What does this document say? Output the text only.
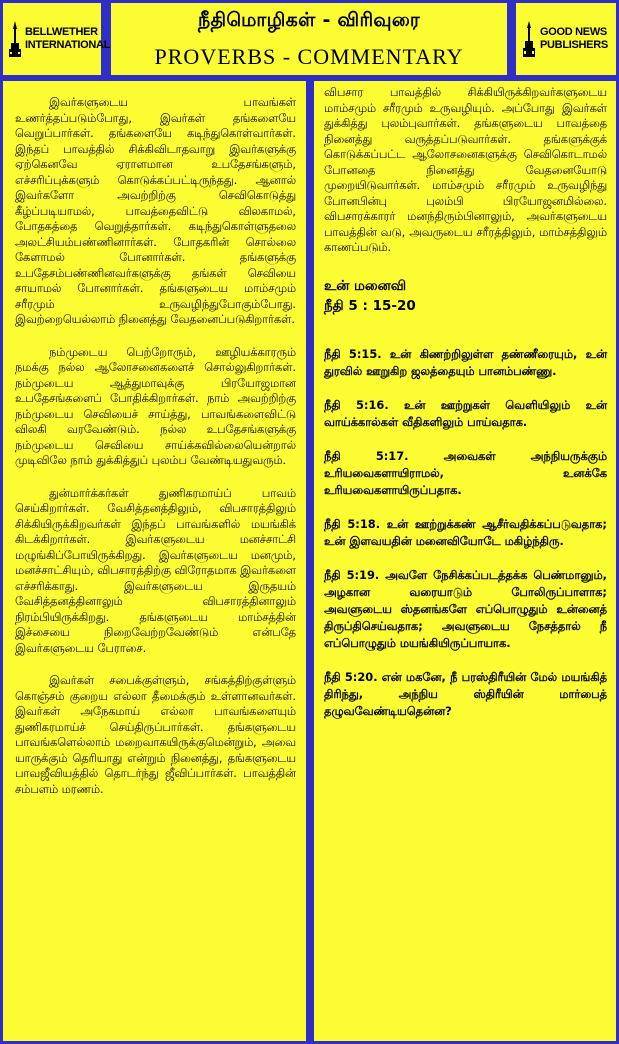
BELLWETHER
INTERNATIONAL
நீதிமொழிகள் - விரிவுரை
PROVERBS - COMMENTARY
GOOD NEWS
PUBLISHERS

இவர்களுடைய பாவங்கள் உணர்த்தப்படும்போது, இவர்கள் தங்களையே வெறுப்பார்கள். தங்களையே கடிந்துகொள்வார்கள். இந்தப் பாவத்தில் சிக்கிவிடாதவாறு இவர்களுக்கு ஏற்கெனவே ஏராளமான உபதேசங்களும், எச்சரிப்புக்களும் கொடுக்கப்பட்டிருந்தது. ஆனால் இவர்களோ அவற்றிற்கு செவிகொடுத்து கீழ்ப்படியாமல், பாவத்தைவிட்டு விலகாமல், போதகத்தை வெறுத்தார்கள். கடிந்துகொள்ளுதலை அலட்சியம்பண்ணினார்கள். போதகரின் சொல்லை கேளாமல் போனார்கள். தங்களுக்கு உபதேசம்பண்ணினவர்களுக்கு தங்கள் செவியை சாயாமல் போனார்கள். தங்களுடைய மாம்சமும் சரீரமும் உருவழிந்துபோகும்போது. இவற்றையெல்லாம் நினைத்து வேதனைப்படுகிறார்கள்.

நம்முடைய பெற்றோரும், ஊழியக்காரரும் நமக்கு நல்ல ஆலோசனைகளைச் சொல்லுகிறார்கள். நம்முடைய ஆத்துமாவுக்கு பிரயோஜமான உபதேசங்களைப் போதிக்கிறார்கள். நாம் அவற்றிற்கு நம்முடைய செவியைச் சாய்த்து, பாவங்களைவிட்டு விலகி வரவேண்டும். நல்ல உபதேசங்களுக்கு நம்முடைய செவியை சாய்க்கவில்லையென்றால் முடிவிலே நாம் துக்கித்துப் புலம்ப வேண்டியதுவரும்.

துன்மார்க்கர்கள் துணிகரமாய்ப் பாவம் செய்கிறார்கள். வேசித்தனத்திலும், விபசாரத்திலும் சிக்கியிருக்கிறவர்கள் இந்தப் பாவங்களில் மயங்கிக் கிடக்கிறார்கள். இவர்களுடைய மனச்சாட்சி மழுங்கிப்போயிருக்கிறது. இவர்களுடைய மனமும், மனச்சாட்சியும், விபசாரத்திற்கு விரோதமாக இவர்களை எச்சரிக்காது. இவர்களுடைய இருதயம் வேசித்தனத்தினாலும் விபசாரத்தினாலும் நிரம்பியிருக்கிறது. தங்களுடைய மாம்சத்தின் இச்சையை நிறைவேற்றவேண்டும் என்பதே இவர்களுடைய பேராசை.

இவர்கள் சபைக்குள்ளும், சங்கத்திற்குள்ளும் கொஞ்சம் குறைய எல்லா தீமைக்கும் உள்ளானவர்கள். இவர்கள் அநேகமாய் எல்லா பாவங்களையும் துணிகரமாய்ச் செய்திருப்பார்கள். தங்களுடைய பாவங்களெல்லாம் மறைவாகயிருக்குமென்றும், அவை யாருக்கும் தெரியாது என்றும் நினைத்து, தங்களுடைய பாவஜீவியத்தில் தொடர்ந்து ஜீவிப்பார்கள். பாவத்தின் சம்பளம் மரணம்.

விபசார பாவத்தில் சிக்கியிருக்கிறவர்களுடைய மாம்சமும் சரீரமும் உருவழியும். அப்போது இவர்கள் துக்கித்து புலம்புவார்கள். தங்களுடைய பாவத்தை நினைத்து வருத்தப்படுவார்கள். தங்களுக்குக் கொடுக்கப்பட்ட ஆலோசனைகளுக்கு செவிகொடாமல் போனதை நினைத்து வேதனையோடு முறையிடுவார்கள். மாம்சமும் சரீரமும் உருவழிந்து போனபின்பு புலம்பி பிரயோஜனமில்லை. விபசாரக்காரர் மனந்திரும்பினாலும், அவர்களுடைய பாவத்தின் வடு, அவருடைய சரீரத்திலும், மாம்சத்திலும் காணப்படும்.

உன் மனைவி
நீதி 5 : 15-20

நீதி 5:15. உன் கிணற்றிலுள்ள தண்ணீரையும், உன் துரவில் ஊறுகிற ஜலத்தையும் பானம்பண்ணு.

நீதி 5:16. உன் ஊற்றுகள் வெளியிலும் உன் வாய்க்கால்கள் வீதிகளிலும் பாய்வதாக.

நீதி 5:17. அவைகள் அந்நியருக்கும் உரியவைகளாயிராமல், உனக்கே உரியவைகளாயிருப்பதாக.

நீதி 5:18. உன் ஊற்றுக்கண் ஆசீர்வதிக்கப்படுவதாக; உன் இளவயதின் மனைவியோடே மகிழ்ந்திரு.

நீதி 5:19. அவளே நேசிக்கப்படத்தக்க பெண்மானும், அழகான வரையாடும் போலிருப்பாளாக; அவளுடைய ஸ்தனங்களே எப்பொழுதும் உன்னைத் திருப்திசெய்வதாக; அவளுடைய நேசத்தால் நீ எப்பொழுதும் மயங்கியிருப்பாயாக.

நீதி 5:20. என் மகனே, நீ பரஸ்திரீயின் மேல் மயங்கித் திரிந்து, அந்நிய ஸ்திரீயின் மார்பைத் தழுவவேண்டியதென்ன?
